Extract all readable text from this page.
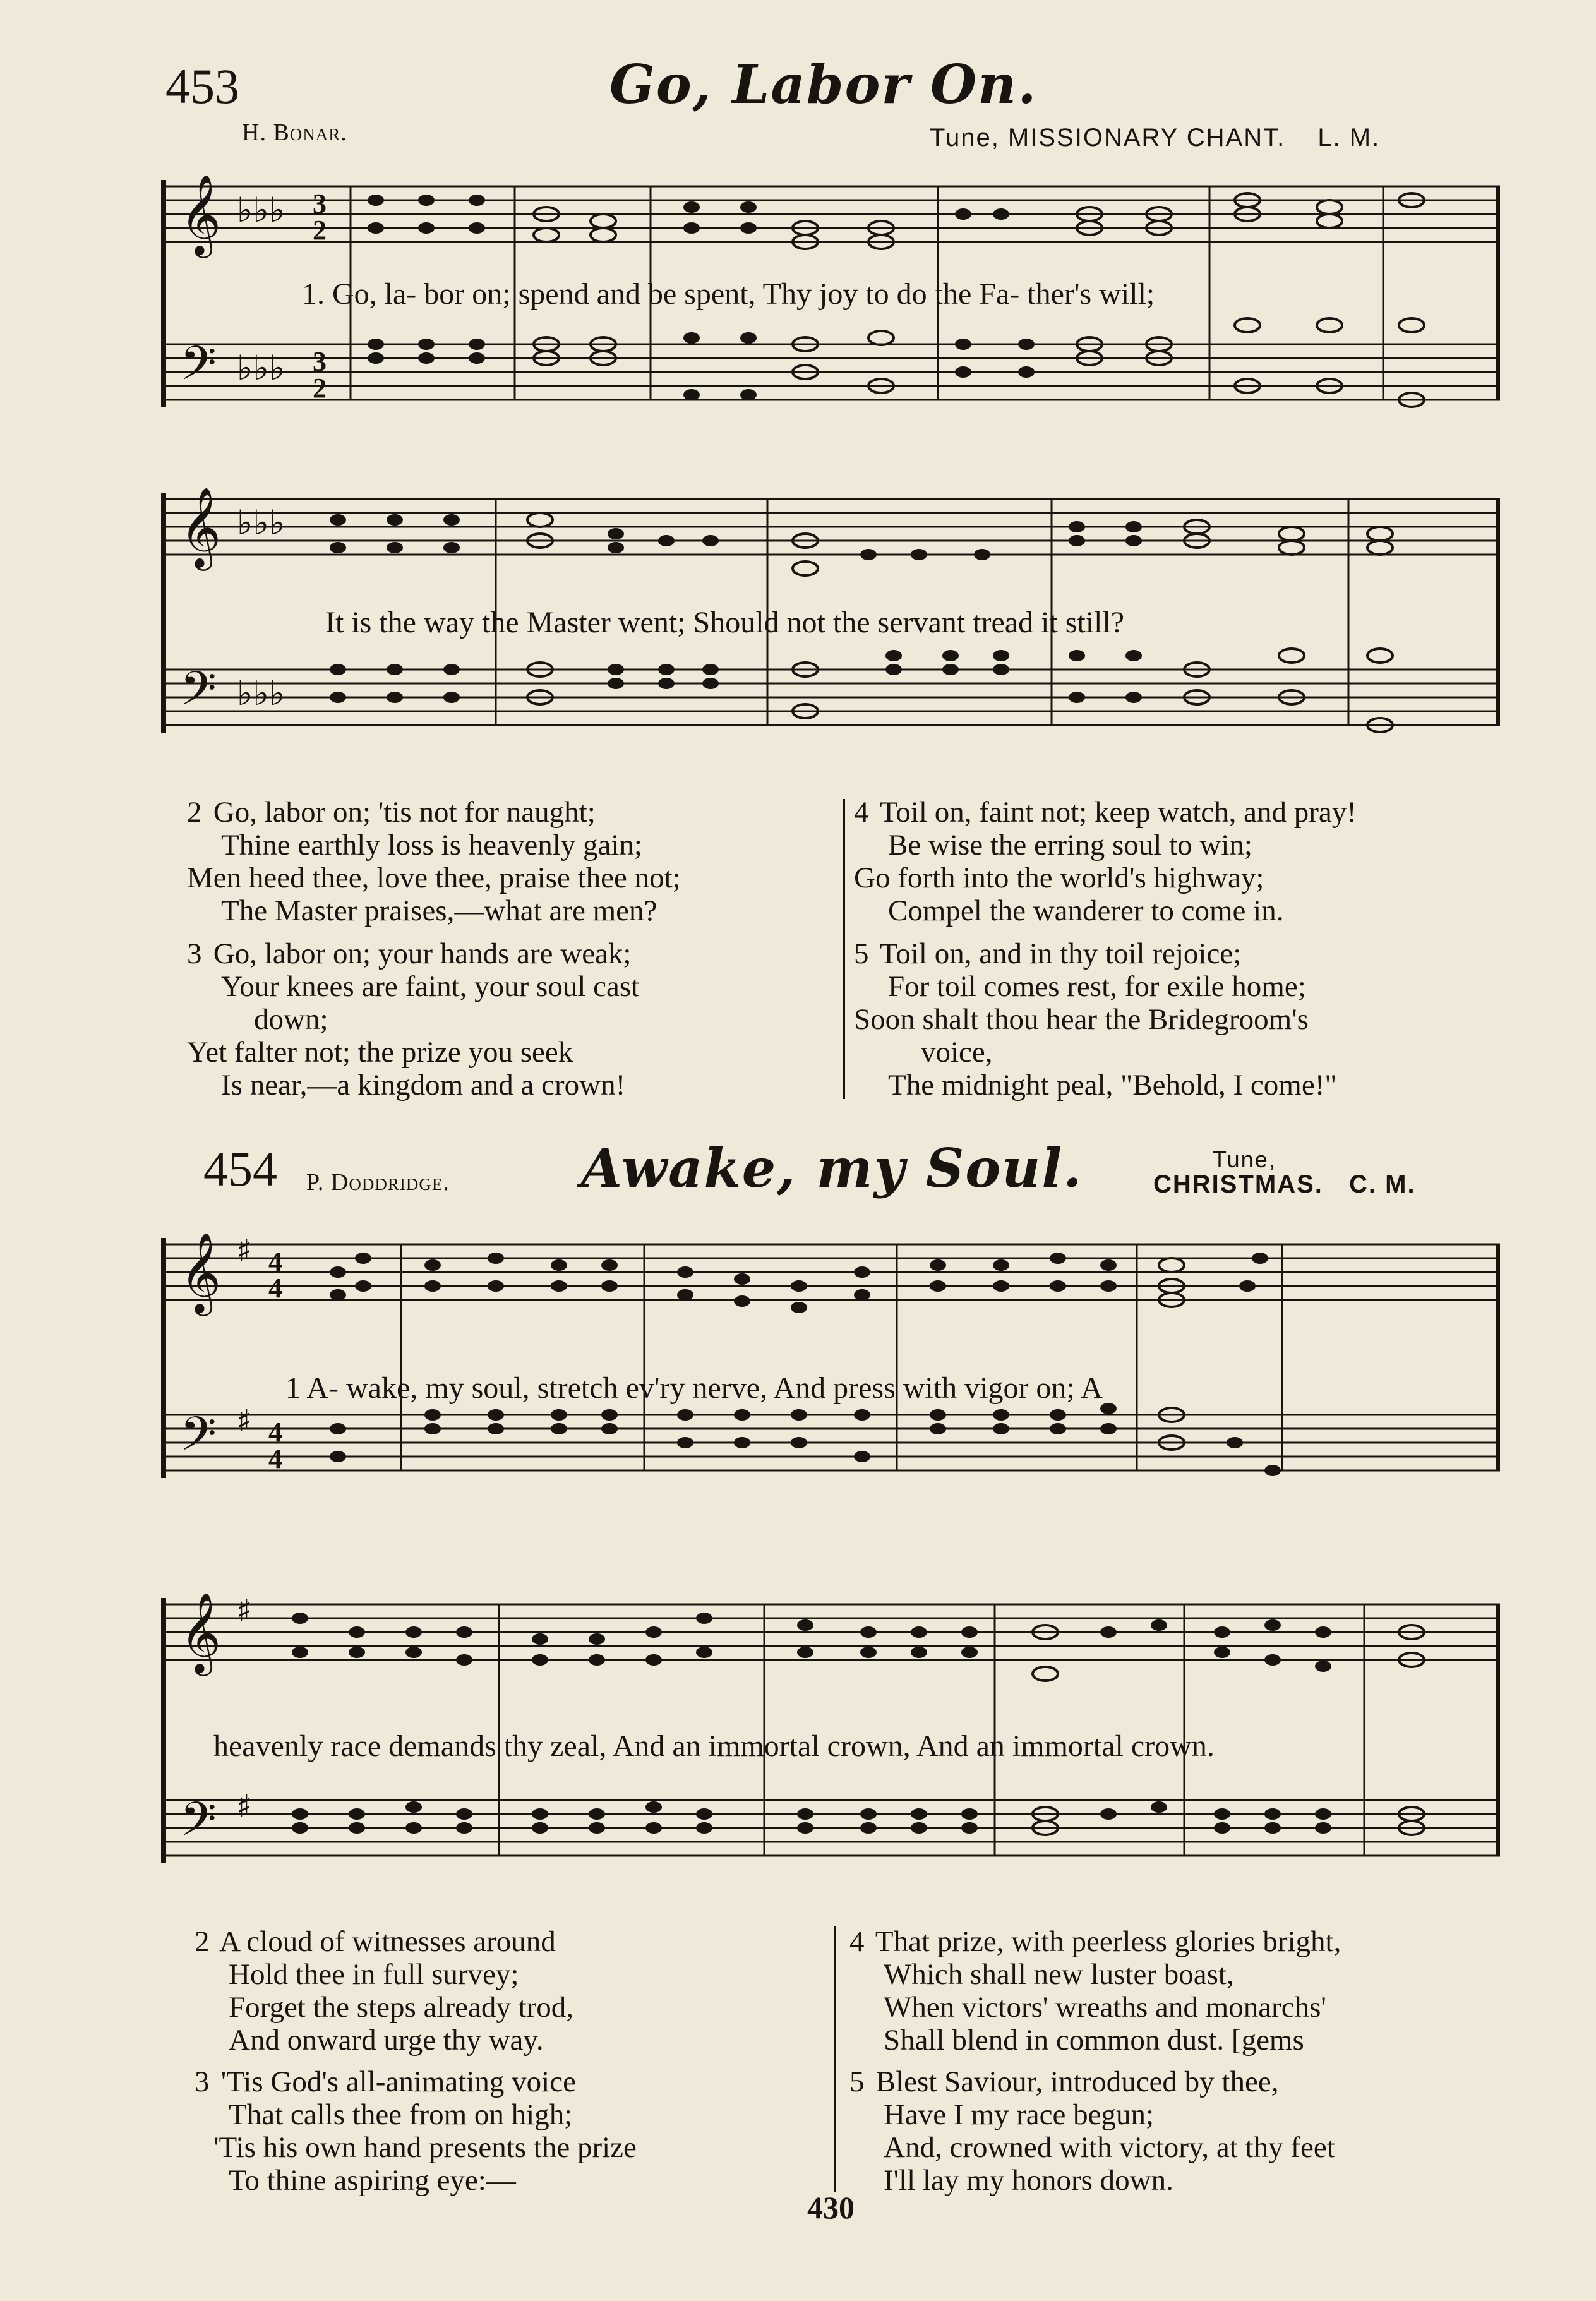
453	Go, Labor On.
H. Bonar.	Tune, MISSIONARY CHANT. L. M.
𝄞
𝄢
♭♭♭
♭♭♭
3
2
3
2
1. Go, la- bor on; spend and be spent, Thy joy to do the Fa- ther's will;
𝄞
𝄢
♭♭♭
♭♭♭
It is the way the Master went; Should not the servant tread it still?
2 Go, labor on; 'tis not for naught;
Thine earthly loss is heavenly gain;
Men heed thee, love thee, praise thee not;
The Master praises,—what are men?
3 Go, labor on; your hands are weak;
Your knees are faint, your soul cast
down;
Yet falter not; the prize you seek
Is near,—a kingdom and a crown!
4 Toil on, faint not; keep watch, and pray!
Be wise the erring soul to win;
Go forth into the world's highway;
Compel the wanderer to come in.
5 Toil on, and in thy toil rejoice;
For toil comes rest, for exile home;
Soon shalt thou hear the Bridegroom's
voice,
The midnight peal, "Behold, I come!"
454 P. Doddridge. Awake, my Soul.	Tune,
CHRISTMAS. C. M.
𝄞
𝄢
♯
♯
4
4
4
4
1 A- wake, my soul, stretch ev'ry nerve, And press with vigor on; A
𝄞
𝄢
♯
♯
heavenly race demands thy zeal, And an immortal crown, And an immortal crown.
2 A cloud of witnesses around
Hold thee in full survey;
Forget the steps already trod,
And onward urge thy way.
3 'Tis God's all-animating voice
That calls thee from on high;
'Tis his own hand presents the prize
To thine aspiring eye:—
4 That prize, with peerless glories bright,
Which shall new luster boast,
When victors' wreaths and monarchs'
Shall blend in common dust. [gems
5 Blest Saviour, introduced by thee,
Have I my race begun;
And, crowned with victory, at thy feet
I'll lay my honors down.
430
